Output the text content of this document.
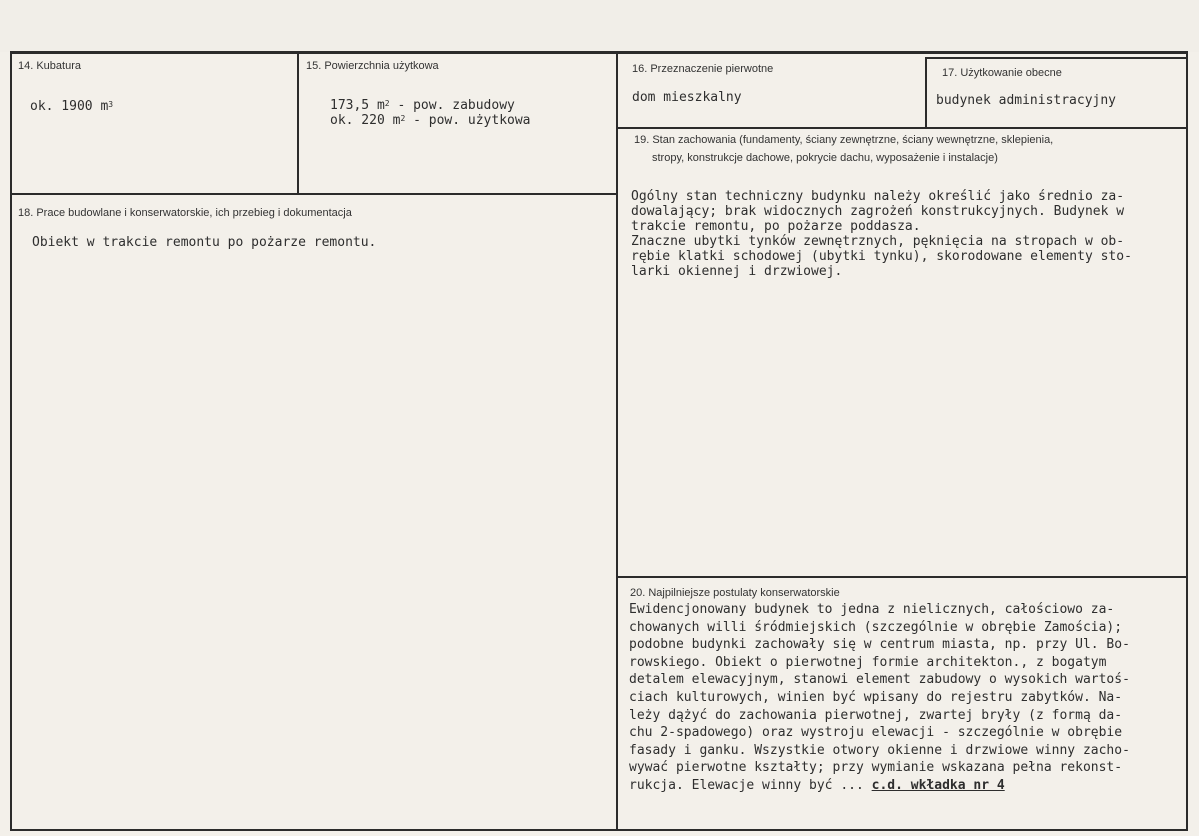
14. Kubatura
ok. 1900 $m^3$
15. Powierzchnia użytkowa
173,5 $m^2$ - pow. zabudowy
ok. 220 $m^2$ - pow. użytkowa
16. Przeznaczenie pierwotne
dom mieszkalny
17. Użytkowanie obecne
budynek administracyjny
18. Prace budowlane i konserwatorskie, ich przebieg i dokumentacja
Obiekt w trakcie remontu po pożarze remontu.
19. Stan zachowania (fundamenty, ściany zewnętrzne, ściany wewnętrzne, sklepienia,
stropy, konstrukcje dachowe, pokrycie dachu, wyposażenie i instalacje)
Ogólny stan techniczny budynku należy określić jako średnio za-
dowalający; brak widocznych zagrożeń konstrukcyjnych. Budynek w
trakcie remontu, po pożarze poddasza.
Znaczne ubytki tynków zewnętrznych, pęknięcia na stropach w ob-
rębie klatki schodowej (ubytki tynku), skorodowane elementy sto-
larki okiennej i drzwiowej.
20. Najpilniejsze postulaty konserwatorskie
Ewidencjonowany budynek to jedna z nielicznych, całościowo za-
chowanych willi śródmiejskich (szczególnie w obrębie Zamościa);
podobne budynki zachowały się w centrum miasta, np. przy Ul. Bo-
rowskiego. Obiekt o pierwotnej formie architekton., z bogatym
detalem elewacyjnym, stanowi element zabudowy o wysokich wartoś-
ciach kulturowych, winien być wpisany do rejestru zabytków. Na-
leży dążyć do zachowania pierwotnej, zwartej bryły (z formą da-
chu 2-spadowego) oraz wystroju elewacji - szczególnie w obrębie
fasady i ganku. Wszystkie otwory okienne i drzwiowe winny zacho-
wywać pierwotne kształty; przy wymianie wskazana pełna rekonst-
rukcja. Elewacje winny być ... c.d. wkładka nr 4
